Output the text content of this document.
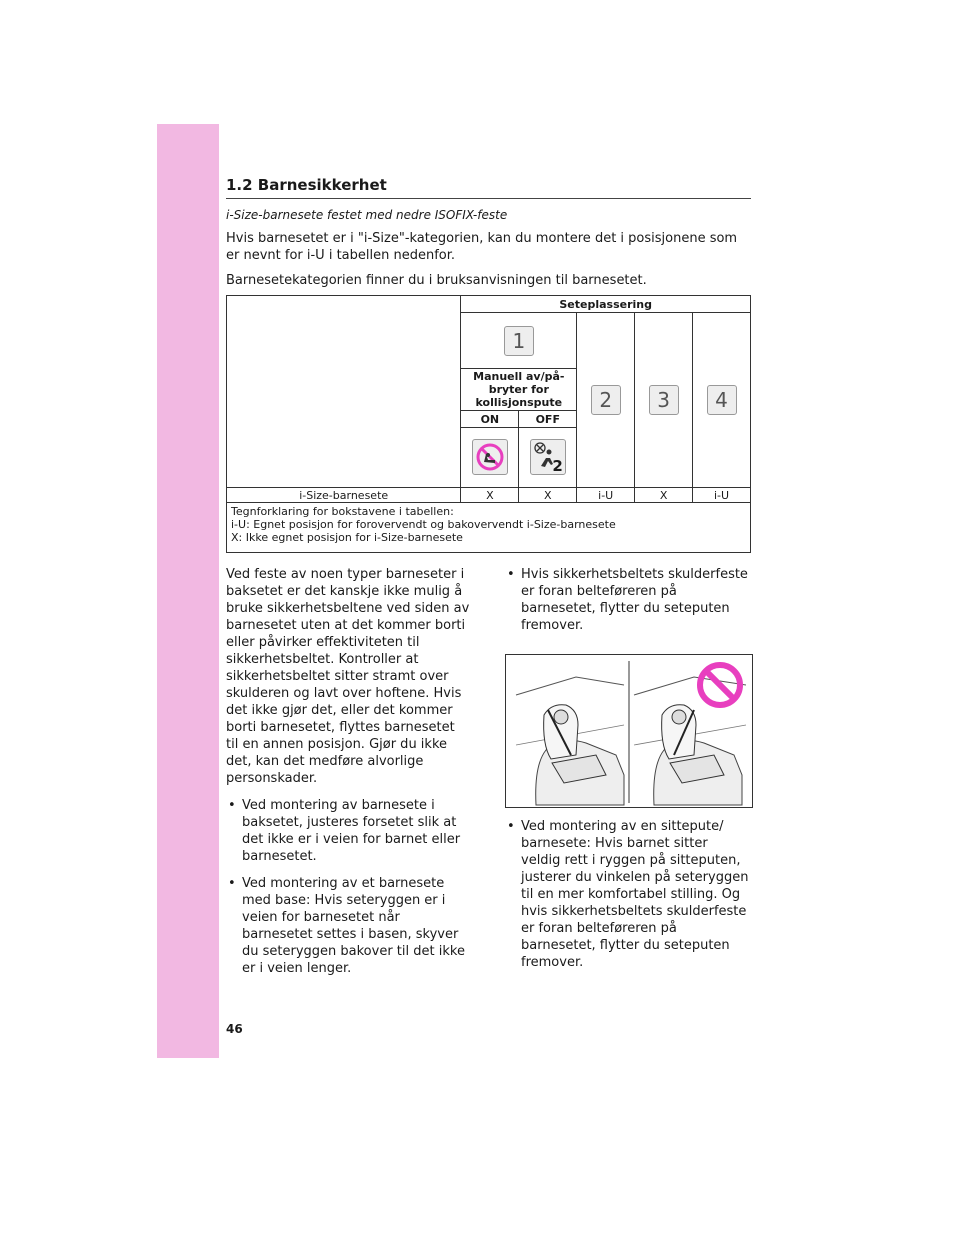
1.2 Barnesikkerhet
i-Size-barnesete festet med nedre ISOFIX-feste
Hvis barnesetet er i "i-Size"-kategorien, kan du montere det i posisjonene som er nevnt for i-U i tabellen nedenfor.
Barnesetekategorien finner du i bruksanvisningen til barnesetet.
	Seteplassering				
	1		2	3	4
	Manuell av/på-bryter for kollisjonspute				
	ON	OFF			

2			

i-Size-barnesete	X	X	i-U	X	i-U

Tegnforklaring for bokstavene i tabellen:
i-U: Egnet posisjon for forovervendt og bakovervendt i-Size-barnesete
X: Ikke egnet posisjon for i-Size-barnesete					
Ved feste av noen typer barneseter i baksetet er det kanskje ikke mulig å bruke sikkerhetsbeltene ved siden av barnesetet uten at det kommer borti eller påvirker effektiviteten til sikkerhetsbeltet. Kontroller at sikkerhetsbeltet sitter stramt over skulderen og lavt over hoftene. Hvis det ikke gjør det, eller det kommer borti barnesetet, flyttes barnesetet til en annen posisjon. Gjør du ikke det, kan det medføre alvorlige personskader.
• Ved montering av barnesete i baksetet, justeres forsetet slik at det ikke er i veien for barnet eller barnesetet.
• Ved montering av et barnesete med base: Hvis seteryggen er i veien for barnesetet når barnesetet settes i basen, skyver du seteryggen bakover til det ikke er i veien lenger.
• Hvis sikkerhetsbeltets skulderfeste er foran belteføreren på barnesetet, flytter du seteputen fremover.
• Ved montering av en sittepute/ barnesete: Hvis barnet sitter veldig rett i ryggen på sitteputen, justerer du vinkelen på seteryggen til en mer komfortabel stilling. Og hvis sikkerhetsbeltets skulderfeste er foran belteføreren på barnesetet, flytter du seteputen fremover.
46
